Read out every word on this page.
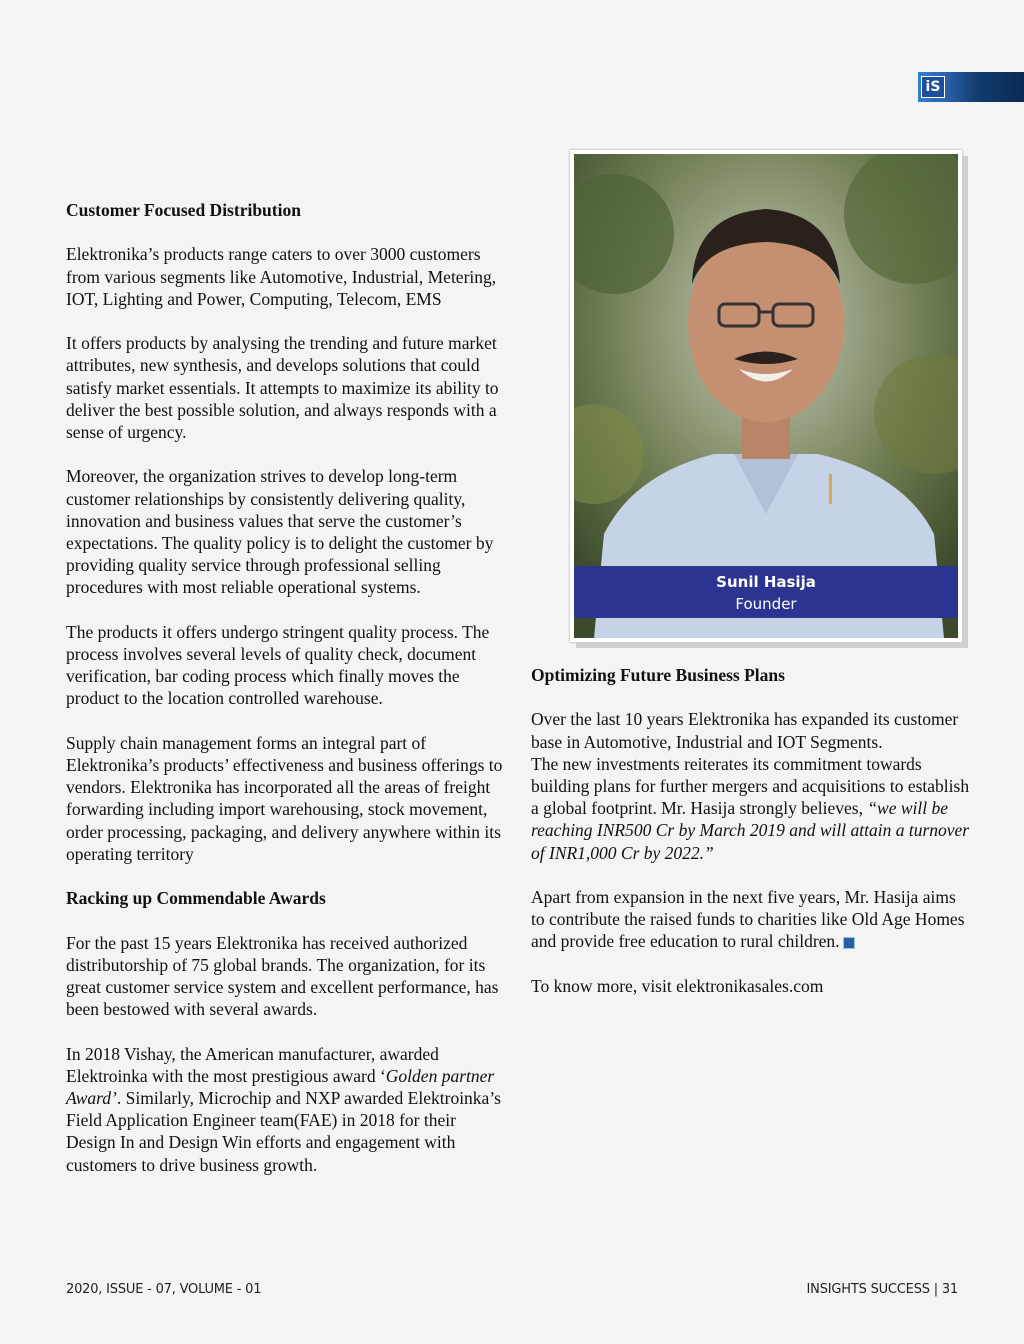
iS
Customer Focused Distribution

Elektronika’s products range caters to over 3000 customers from various segments like Automotive, Industrial, Metering, IOT, Lighting and Power, Computing, Telecom, EMS

It offers products by analysing the trending and future market attributes, new synthesis, and develops solutions that could satisfy market essentials. It attempts to maximize its ability to deliver the best possible solution, and always responds with a sense of urgency.

Moreover, the organization strives to develop long-term customer relationships by consistently delivering quality, innovation and business values that serve the customer’s expectations. The quality policy is to delight the customer by providing quality service through professional selling procedures with most reliable operational systems.

The products it offers undergo stringent quality process. The process involves several levels of quality check, document verification, bar coding process which finally moves the product to the location controlled warehouse.

Supply chain management forms an integral part of Elektronika’s products’ effectiveness and business offerings to vendors. Elektronika has incorporated all the areas of freight forwarding including import warehousing, stock movement, order processing, packaging, and delivery anywhere within its operating territory

Racking up Commendable Awards

For the past 15 years Elektronika has received authorized distributorship of 75 global brands. The organization, for its great customer service system and excellent performance, has been bestowed with several awards.

In 2018 Vishay, the American manufacturer, awarded Elektroinka with the most prestigious award ‘Golden partner Award’. Similarly, Microchip and NXP awarded Elektroinka’s Field Application Engineer team(FAE) in 2018 for their Design In and Design Win efforts and engagement with customers to drive business growth.

Sunil Hasija
Founder
Optimizing Future Business Plans

Over the last 10 years Elektronika has expanded its customer base in Automotive, Industrial and IOT Segments.

The new investments reiterates its commitment towards building plans for further mergers and acquisitions to establish a global footprint. Mr. Hasija strongly believes, “we will be reaching INR500 Cr by March 2019 and will attain a turnover of INR1,000 Cr by 2022.”

Apart from expansion in the next five years, Mr. Hasija aims to contribute the raised funds to charities like Old Age Homes and provide free education to rural children.

To know more, visit elektronikasales.com

2020, ISSUE - 07, VOLUME - 01	INSIGHTS SUCCESS | 31
